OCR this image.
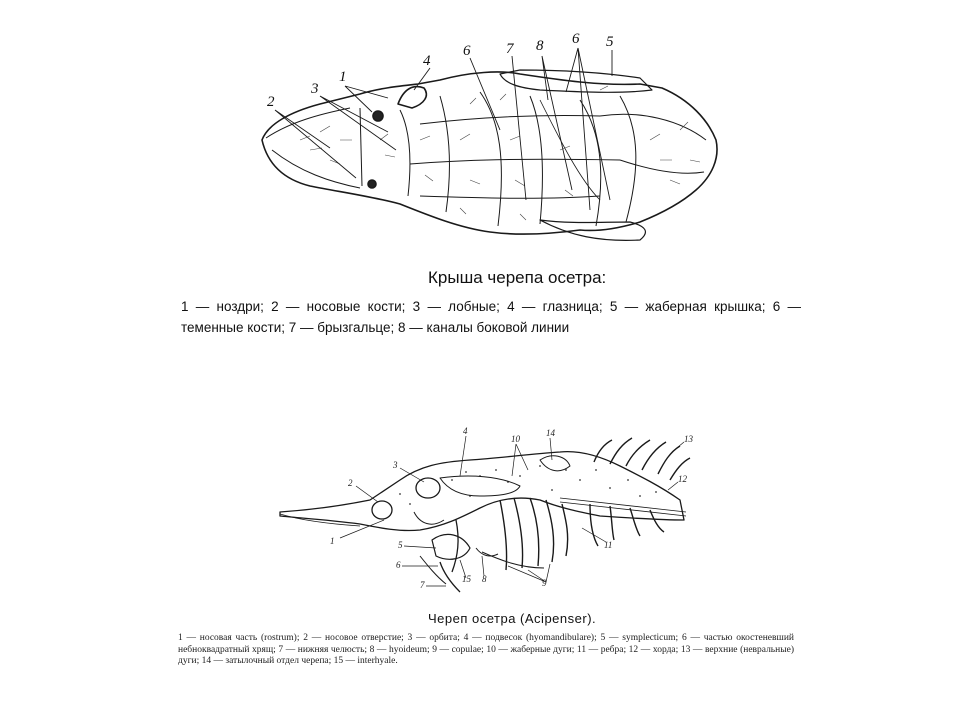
1
2
3
4
6 7 8 6 5
Крыша черепа осетра:
1 — ноздри; 2 — носовые кости; 3 — лобные; 4 — глазница; 5 — жаберная крышка; 6 — теменные кости; 7 — брызгальце; 8 — каналы боковой линии
1
2
3
4
10
14
13
12
11
5
6
7
15 8	9
Череп осетра (Acipenser).
1 — носовая часть (rostrum); 2 — носовое отверстие; 3 — орбита; 4 — подвесок (hyomandibulare); 5 — symplecticum; 6 — частью окостеневший небноквадратный хрящ; 7 — нижняя челюсть; 8 — hyoideum; 9 — copulae; 10 — жаберные дуги; 11 — ребра; 12 — хорда; 13 — верхние (невральные) дуги; 14 — затылочный отдел черепа; 15 — interhyale.
